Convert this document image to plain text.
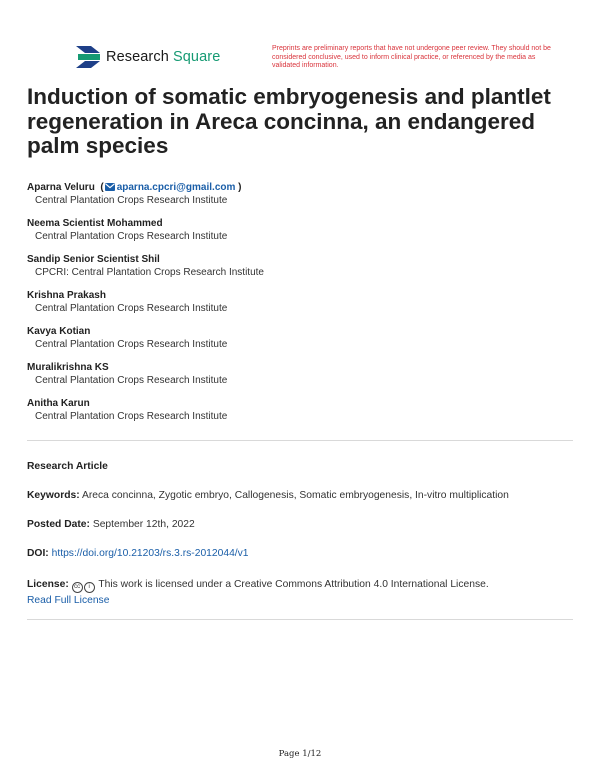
Research Square
Preprints are preliminary reports that have not undergone peer review. They should not be considered conclusive, used to inform clinical practice, or referenced by the media as validated information.
Induction of somatic embryogenesis and plantlet regeneration in Areca concinna, an endangered palm species
Aparna Veluru  ( aparna.cpcri@gmail.com )
Central Plantation Crops Research Institute
Neema Scientist Mohammed
Central Plantation Crops Research Institute
Sandip Senior Scientist Shil
CPCRI: Central Plantation Crops Research Institute
Krishna Prakash
Central Plantation Crops Research Institute
Kavya Kotian
Central Plantation Crops Research Institute
Muralikrishna KS
Central Plantation Crops Research Institute
Anitha Karun
Central Plantation Crops Research Institute
Research Article
Keywords: Areca concinna, Zygotic embryo, Callogenesis, Somatic embryogenesis, In-vitro multiplication
Posted Date: September 12th, 2022
DOI: https://doi.org/10.21203/rs.3.rs-2012044/v1
License: cc i This work is licensed under a Creative Commons Attribution 4.0 International License.
Read Full License
Page 1/12
